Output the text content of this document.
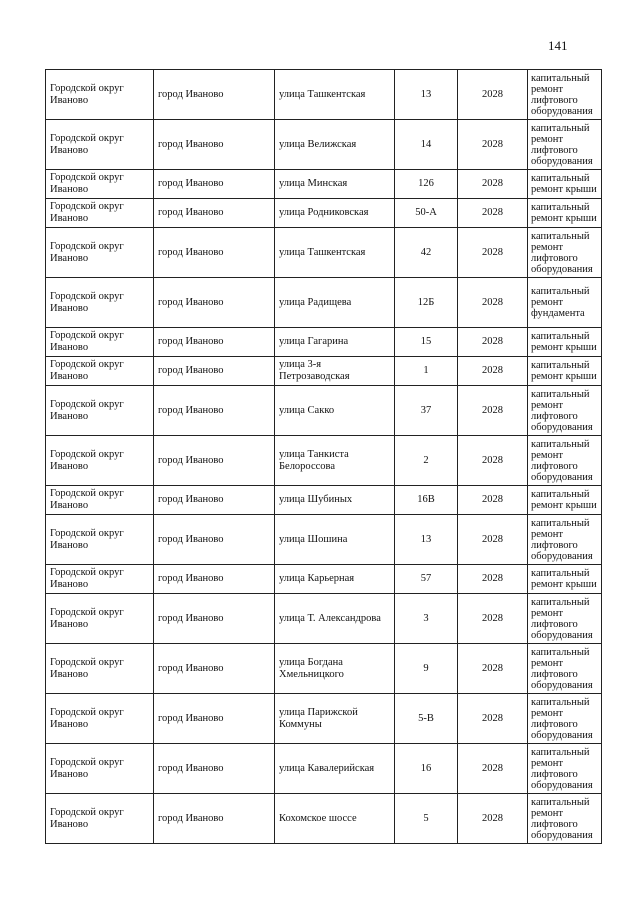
141
Городской округ Иваново	город Иваново	улица Ташкентская	13	2028	капитальный ремонт лифтового оборудования
Городской округ Иваново	город Иваново	улица Велижская	14	2028	капитальный ремонт лифтового оборудования
Городской округ Иваново	город Иваново	улица Минская	126	2028	капитальный ремонт крыши
Городской округ Иваново	город Иваново	улица Родниковская	50-А	2028	капитальный ремонт крыши
Городской округ Иваново	город Иваново	улица Ташкентская	42	2028	капитальный ремонт лифтового оборудования
Городской округ Иваново	город Иваново	улица Радищева	12Б	2028	капитальный ремонт фундамента
Городской округ Иваново	город Иваново	улица Гагарина	15	2028	капитальный ремонт крыши
Городской округ Иваново	город Иваново	улица 3-я Петрозаводская	1	2028	капитальный ремонт крыши
Городской округ Иваново	город Иваново	улица Сакко	37	2028	капитальный ремонт лифтового оборудования
Городской округ Иваново	город Иваново	улица Танкиста Белороссова	2	2028	капитальный ремонт лифтового оборудования
Городской округ Иваново	город Иваново	улица Шубиных	16В	2028	капитальный ремонт крыши
Городской округ Иваново	город Иваново	улица Шошина	13	2028	капитальный ремонт лифтового оборудования
Городской округ Иваново	город Иваново	улица Карьерная	57	2028	капитальный ремонт крыши
Городской округ Иваново	город Иваново	улица Т. Александрова	3	2028	капитальный ремонт лифтового оборудования
Городской округ Иваново	город Иваново	улица Богдана Хмельницкого	9	2028	капитальный ремонт лифтового оборудования
Городской округ Иваново	город Иваново	улица Парижской Коммуны	5-В	2028	капитальный ремонт лифтового оборудования
Городской округ Иваново	город Иваново	улица Кавалерийская	16	2028	капитальный ремонт лифтового оборудования
Городской округ Иваново	город Иваново	Кохомское шоссе	5	2028	капитальный ремонт лифтового оборудования
